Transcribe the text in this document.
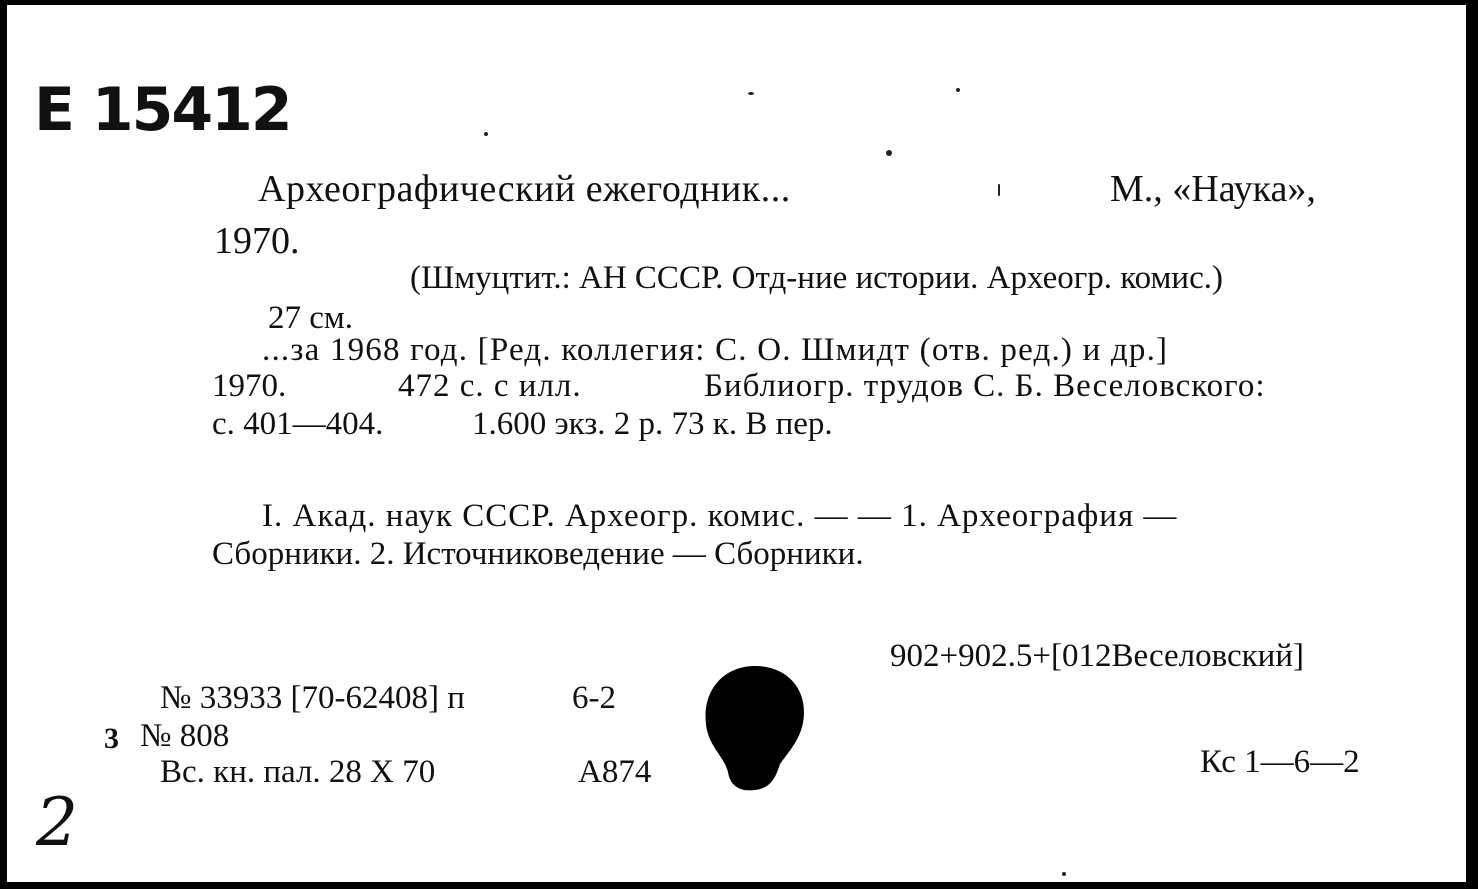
Е 15412
Археографический ежегодник...	М., «Наука»,
1970.
(Шмуцтит.: АН СССР. Отд-ние истории. Археогр. комис.)
27 см.
...за 1968 год. [Ред. коллегия: С. О. Шмидт (отв. ред.) и др.]
1970.	472 с. с илл.	Библиогр. трудов С. Б. Веселовского:
с. 401—404.	1.600 экз. 2 р. 73 к. В пер.
I. Акад. наук СССР. Археогр. комис. — — 1. Археография —
Сборники. 2. Источниковедение — Сборники.
902+902.5+[012Веселовский]
№ 33933 [70-62408] п	6-2
3 № 808
Вс. кн. пал. 28 X 70	А874	Кс 1—6—2
2
